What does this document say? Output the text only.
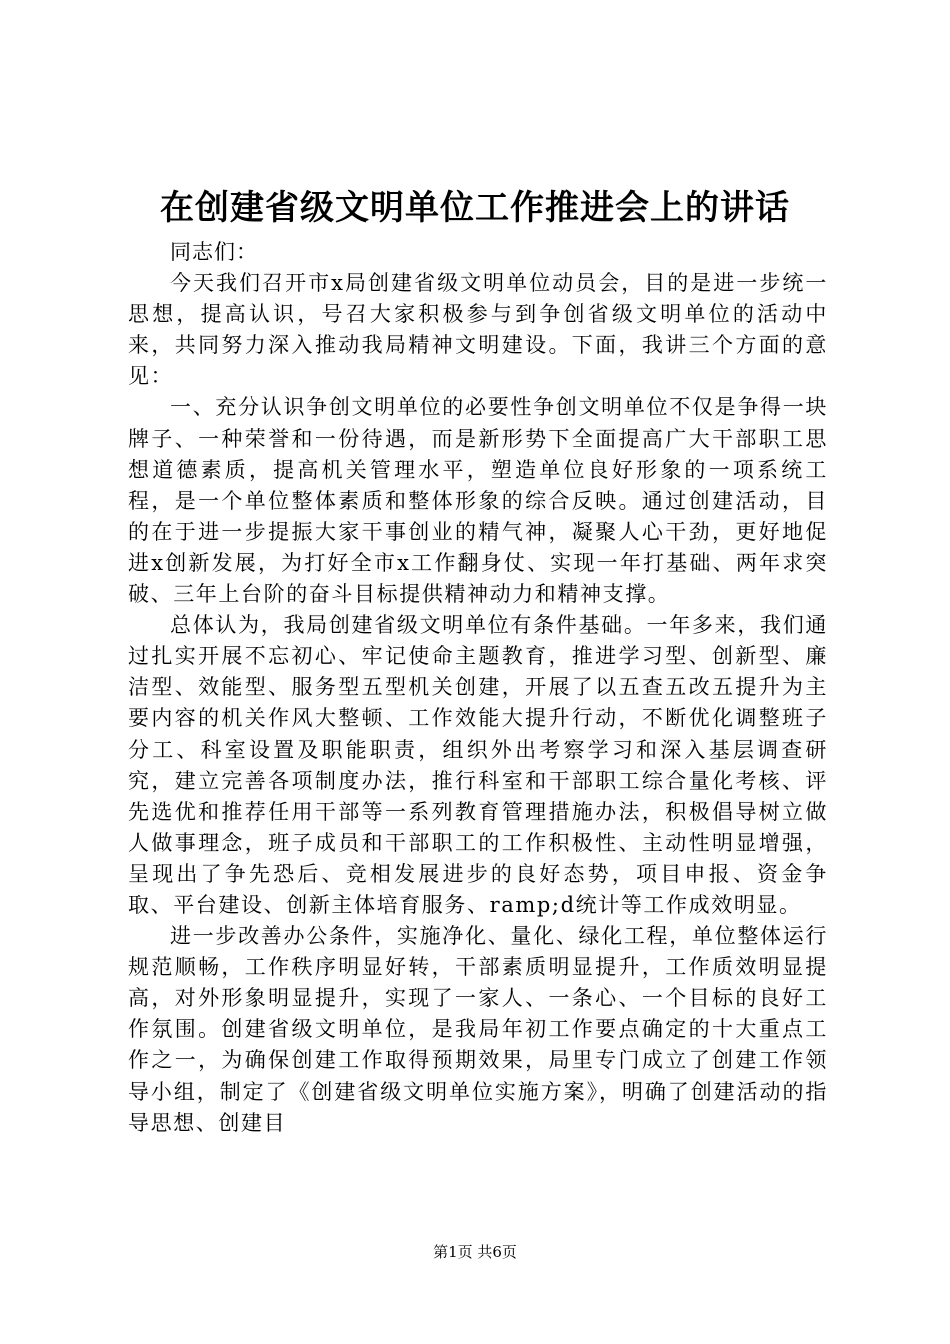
在创建省级文明单位工作推进会上的讲话

同志们：

今天我们召开市x局创建省级文明单位动员会，目的是进一步统一思想，提高认识，号召大家积极参与到争创省级文明单位的活动中来，共同努力深入推动我局精神文明建设。下面，我讲三个方面的意见：

一、充分认识争创文明单位的必要性争创文明单位不仅是争得一块牌子、一种荣誉和一份待遇，而是新形势下全面提高广大干部职工思想道德素质，提高机关管理水平，塑造单位良好形象的一项系统工程，是一个单位整体素质和整体形象的综合反映。通过创建活动，目的在于进一步提振大家干事创业的精气神，凝聚人心干劲，更好地促进x创新发展，为打好全市x工作翻身仗、实现一年打基础、两年求突破、三年上台阶的奋斗目标提供精神动力和精神支撑。

总体认为，我局创建省级文明单位有条件基础。一年多来，我们通过扎实开展不忘初心、牢记使命主题教育，推进学习型、创新型、廉洁型、效能型、服务型五型机关创建，开展了以五查五改五提升为主要内容的机关作风大整顿、工作效能大提升行动，不断优化调整班子分工、科室设置及职能职责，组织外出考察学习和深入基层调查研究，建立完善各项制度办法，推行科室和干部职工综合量化考核、评先选优和推荐任用干部等一系列教育管理措施办法，积极倡导树立做人做事理念，班子成员和干部职工的工作积极性、主动性明显增强，呈现出了争先恐后、竞相发展进步的良好态势，项目申报、资金争取、平台建设、创新主体培育服务、ramp;d统计等工作成效明显。

进一步改善办公条件，实施净化、量化、绿化工程，单位整体运行规范顺畅，工作秩序明显好转，干部素质明显提升，工作质效明显提高，对外形象明显提升，实现了一家人、一条心、一个目标的良好工作氛围。创建省级文明单位，是我局年初工作要点确定的十大重点工作之一，为确保创建工作取得预期效果，局里专门成立了创建工作领导小组，制定了《创建省级文明单位实施方案》，明确了创建活动的指导思想、创建目

第1页 共6页
